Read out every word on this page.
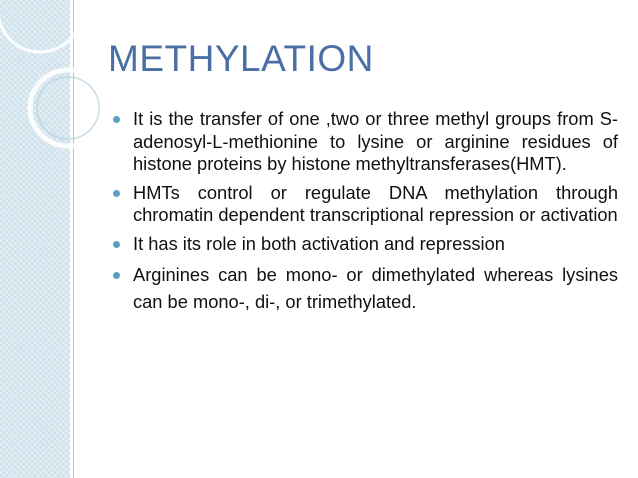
METHYLATION
It is the transfer of one ,two or three methyl groups from S-adenosyl-L-methionine to lysine or arginine residues of histone proteins by histone methyltransferases(HMT).
HMTs control or regulate DNA methylation through chromatin dependent transcriptional repression or activation
It has its role in both activation and repression
Arginines can be mono- or dimethylated whereas lysines can be mono-, di-, or trimethylated.
